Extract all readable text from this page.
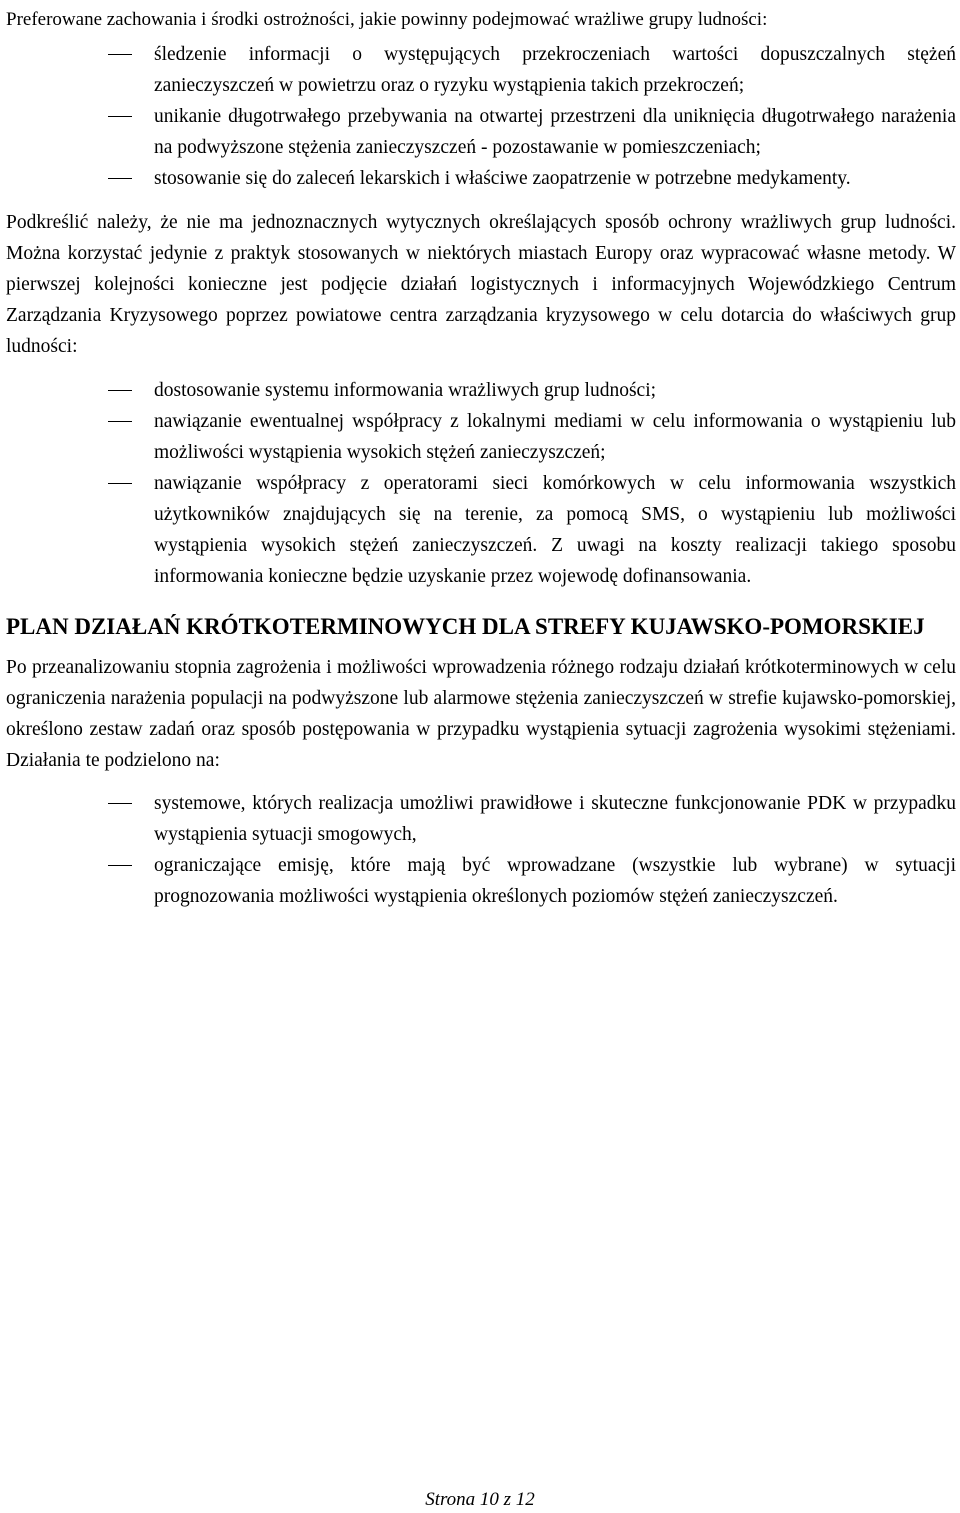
Preferowane zachowania i środki ostrożności, jakie powinny podejmować wrażliwe grupy ludności:

śledzenie informacji o występujących przekroczeniach wartości dopuszczalnych stężeń zanieczyszczeń w powietrzu oraz o ryzyku wystąpienia takich przekroczeń;
unikanie długotrwałego przebywania na otwartej przestrzeni dla uniknięcia długotrwałego narażenia na podwyższone stężenia zanieczyszczeń - pozostawanie w pomieszczeniach;
stosowanie się do zaleceń lekarskich i właściwe zaopatrzenie w potrzebne medykamenty.

Podkreślić należy, że nie ma jednoznacznych wytycznych określających sposób ochrony wrażliwych grup ludności. Można korzystać jedynie z praktyk stosowanych w niektórych miastach Europy oraz wypracować własne metody. W pierwszej kolejności konieczne jest podjęcie działań logistycznych i informacyjnych Wojewódzkiego Centrum Zarządzania Kryzysowego poprzez powiatowe centra zarządzania kryzysowego w celu dotarcia do właściwych grup ludności:

dostosowanie systemu informowania wrażliwych grup ludności;
nawiązanie ewentualnej współpracy z lokalnymi mediami w celu informowania o wystąpieniu lub możliwości wystąpienia wysokich stężeń zanieczyszczeń;
nawiązanie współpracy z operatorami sieci komórkowych w celu informowania wszystkich użytkowników znajdujących się na terenie, za pomocą SMS, o wystąpieniu lub możliwości wystąpienia wysokich stężeń zanieczyszczeń. Z uwagi na koszty realizacji takiego sposobu informowania konieczne będzie uzyskanie przez wojewodę dofinansowania.
PLAN DZIAŁAŃ KRÓTKOTERMINOWYCH DLA STREFY KUJAWSKO-POMORSKIEJ

Po przeanalizowaniu stopnia zagrożenia i możliwości wprowadzenia różnego rodzaju działań krótkoterminowych w celu ograniczenia narażenia populacji na podwyższone lub alarmowe stężenia zanieczyszczeń w strefie kujawsko-pomorskiej, określono zestaw zadań oraz sposób postępowania w przypadku wystąpienia sytuacji zagrożenia wysokimi stężeniami. Działania te podzielono na:

systemowe, których realizacja umożliwi prawidłowe i skuteczne funkcjonowanie PDK w przypadku wystąpienia sytuacji smogowych,
ograniczające emisję, które mają być wprowadzane (wszystkie lub wybrane) w sytuacji prognozowania możliwości wystąpienia określonych poziomów stężeń zanieczyszczeń.
Strona 10 z 12
